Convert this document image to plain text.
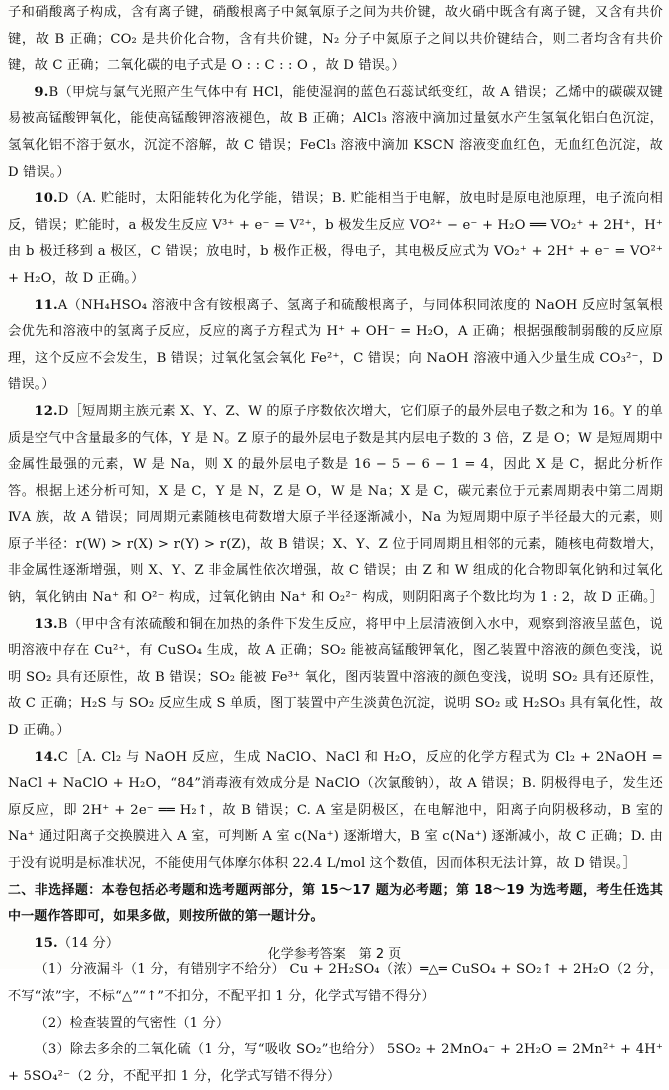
子和硝酸离子构成，含有离子键，硝酸根离子中氮氧原子之间为共价键，故火硝中既含有离子键，又含有共价键，故 B 正确；CO₂ 是共价化合物，含有共价键，N₂ 分子中氮原子之间以共价键结合，则二者均含有共价键，故 C 正确；二氧化碳的电子式是 O : : C : : O ，故 D 错误。）

9.B（甲烷与氯气光照产生气体中有 HCl，能使湿润的蓝色石蕊试纸变红，故 A 错误；乙烯中的碳碳双键易被高锰酸钾氧化，能使高锰酸钾溶液褪色，故 B 正确；AlCl₃ 溶液中滴加过量氨水产生氢氧化铝白色沉淀，氢氧化铝不溶于氨水，沉淀不溶解，故 C 错误；FeCl₃ 溶液中滴加 KSCN 溶液变血红色，无血红色沉淀，故 D 错误。）

10.D（A. 贮能时，太阳能转化为化学能，错误；B. 贮能相当于电解，放电时是原电池原理，电子流向相反，错误；贮能时，a 极发生反应 V³⁺ + e⁻ = V²⁺，b 极发生反应 VO²⁺ − e⁻ + H₂O ══ VO₂⁺ + 2H⁺，H⁺ 由 b 极迁移到 a 极区，C 错误；放电时，b 极作正极，得电子，其电极反应式为 VO₂⁺ + 2H⁺ + e⁻ = VO²⁺ + H₂O，故 D 正确。）

11.A（NH₄HSO₄ 溶液中含有铵根离子、氢离子和硫酸根离子，与同体积同浓度的 NaOH 反应时氢氧根会优先和溶液中的氢离子反应，反应的离子方程式为 H⁺ + OH⁻ = H₂O，A 正确；根据强酸制弱酸的反应原理，这个反应不会发生，B 错误；过氧化氢会氧化 Fe²⁺，C 错误；向 NaOH 溶液中通入少量生成 CO₃²⁻，D 错误。）

12.D［短周期主族元素 X、Y、Z、W 的原子序数依次增大，它们原子的最外层电子数之和为 16。Y 的单质是空气中含量最多的气体，Y 是 N。Z 原子的最外层电子数是其内层电子数的 3 倍，Z 是 O；W 是短周期中金属性最强的元素，W 是 Na，则 X 的最外层电子数是 16 − 5 − 6 − 1 = 4，因此 X 是 C，据此分析作答。根据上述分析可知，X 是 C，Y 是 N，Z 是 O，W 是 Na；X 是 C，碳元素位于元素周期表中第二周期ⅣA 族，故 A 错误；同周期元素随核电荷数增大原子半径逐渐减小，Na 为短周期中原子半径最大的元素，则原子半径：r(W) > r(X) > r(Y) > r(Z)，故 B 错误；X、Y、Z 位于同周期且相邻的元素，随核电荷数增大，非金属性逐渐增强，则 X、Y、Z 非金属性依次增强，故 C 错误；由 Z 和 W 组成的化合物即氧化钠和过氧化钠，氧化钠由 Na⁺ 和 O²⁻ 构成，过氧化钠由 Na⁺ 和 O₂²⁻ 构成，则阴阳离子个数比均为 1 : 2，故 D 正确。］

13.B（甲中含有浓硫酸和铜在加热的条件下发生反应，将甲中上层清液倒入水中，观察到溶液呈蓝色，说明溶液中存在 Cu²⁺，有 CuSO₄ 生成，故 A 正确；SO₂ 能被高锰酸钾氧化，图乙装置中溶液的颜色变浅，说明 SO₂ 具有还原性，故 B 错误；SO₂ 能被 Fe³⁺ 氧化，图丙装置中溶液的颜色变浅，说明 SO₂ 具有还原性，故 C 正确；H₂S 与 SO₂ 反应生成 S 单质，图丁装置中产生淡黄色沉淀，说明 SO₂ 或 H₂SO₃ 具有氧化性，故 D 正确。）

14.C［A. Cl₂ 与 NaOH 反应，生成 NaClO、NaCl 和 H₂O，反应的化学方程式为 Cl₂ + 2NaOH = NaCl + NaClO + H₂O，“84”消毒液有效成分是 NaClO（次氯酸钠），故 A 错误；B. 阴极得电子，发生还原反应，即 2H⁺ + 2e⁻ ══ H₂↑，故 B 错误；C. A 室是阴极区，在电解池中，阳离子向阴极移动，B 室的 Na⁺ 通过阳离子交换膜进入 A 室，可判断 A 室 c(Na⁺) 逐渐增大，B 室 c(Na⁺) 逐渐减小，故 C 正确；D. 由于没有说明是标准状况，不能使用气体摩尔体积 22.4 L/mol 这个数值，因而体积无法计算，故 D 错误。］

二、非选择题：本卷包括必考题和选考题两部分，第 15～17 题为必考题；第 18～19 为选考题，考生任选其中一题作答即可，如果多做，则按所做的第一题计分。

15.（14 分）

（1）分液漏斗（1 分，有错别字不给分） Cu + 2H₂SO₄（浓）═△═ CuSO₄ + SO₂↑ + 2H₂O（2 分，不写“浓”字，不标“△”“↑”不扣分，不配平扣 1 分，化学式写错不得分）

（2）检查装置的气密性（1 分）

（3）除去多余的二氧化硫（1 分，写“吸收 SO₂”也给分） 5SO₂ + 2MnO₄⁻ + 2H₂O = 2Mn²⁺ + 4H⁺ + 5SO₄²⁻（2 分，不配平扣 1 分，化学式写错不得分）

化学参考答案　第 2 页
